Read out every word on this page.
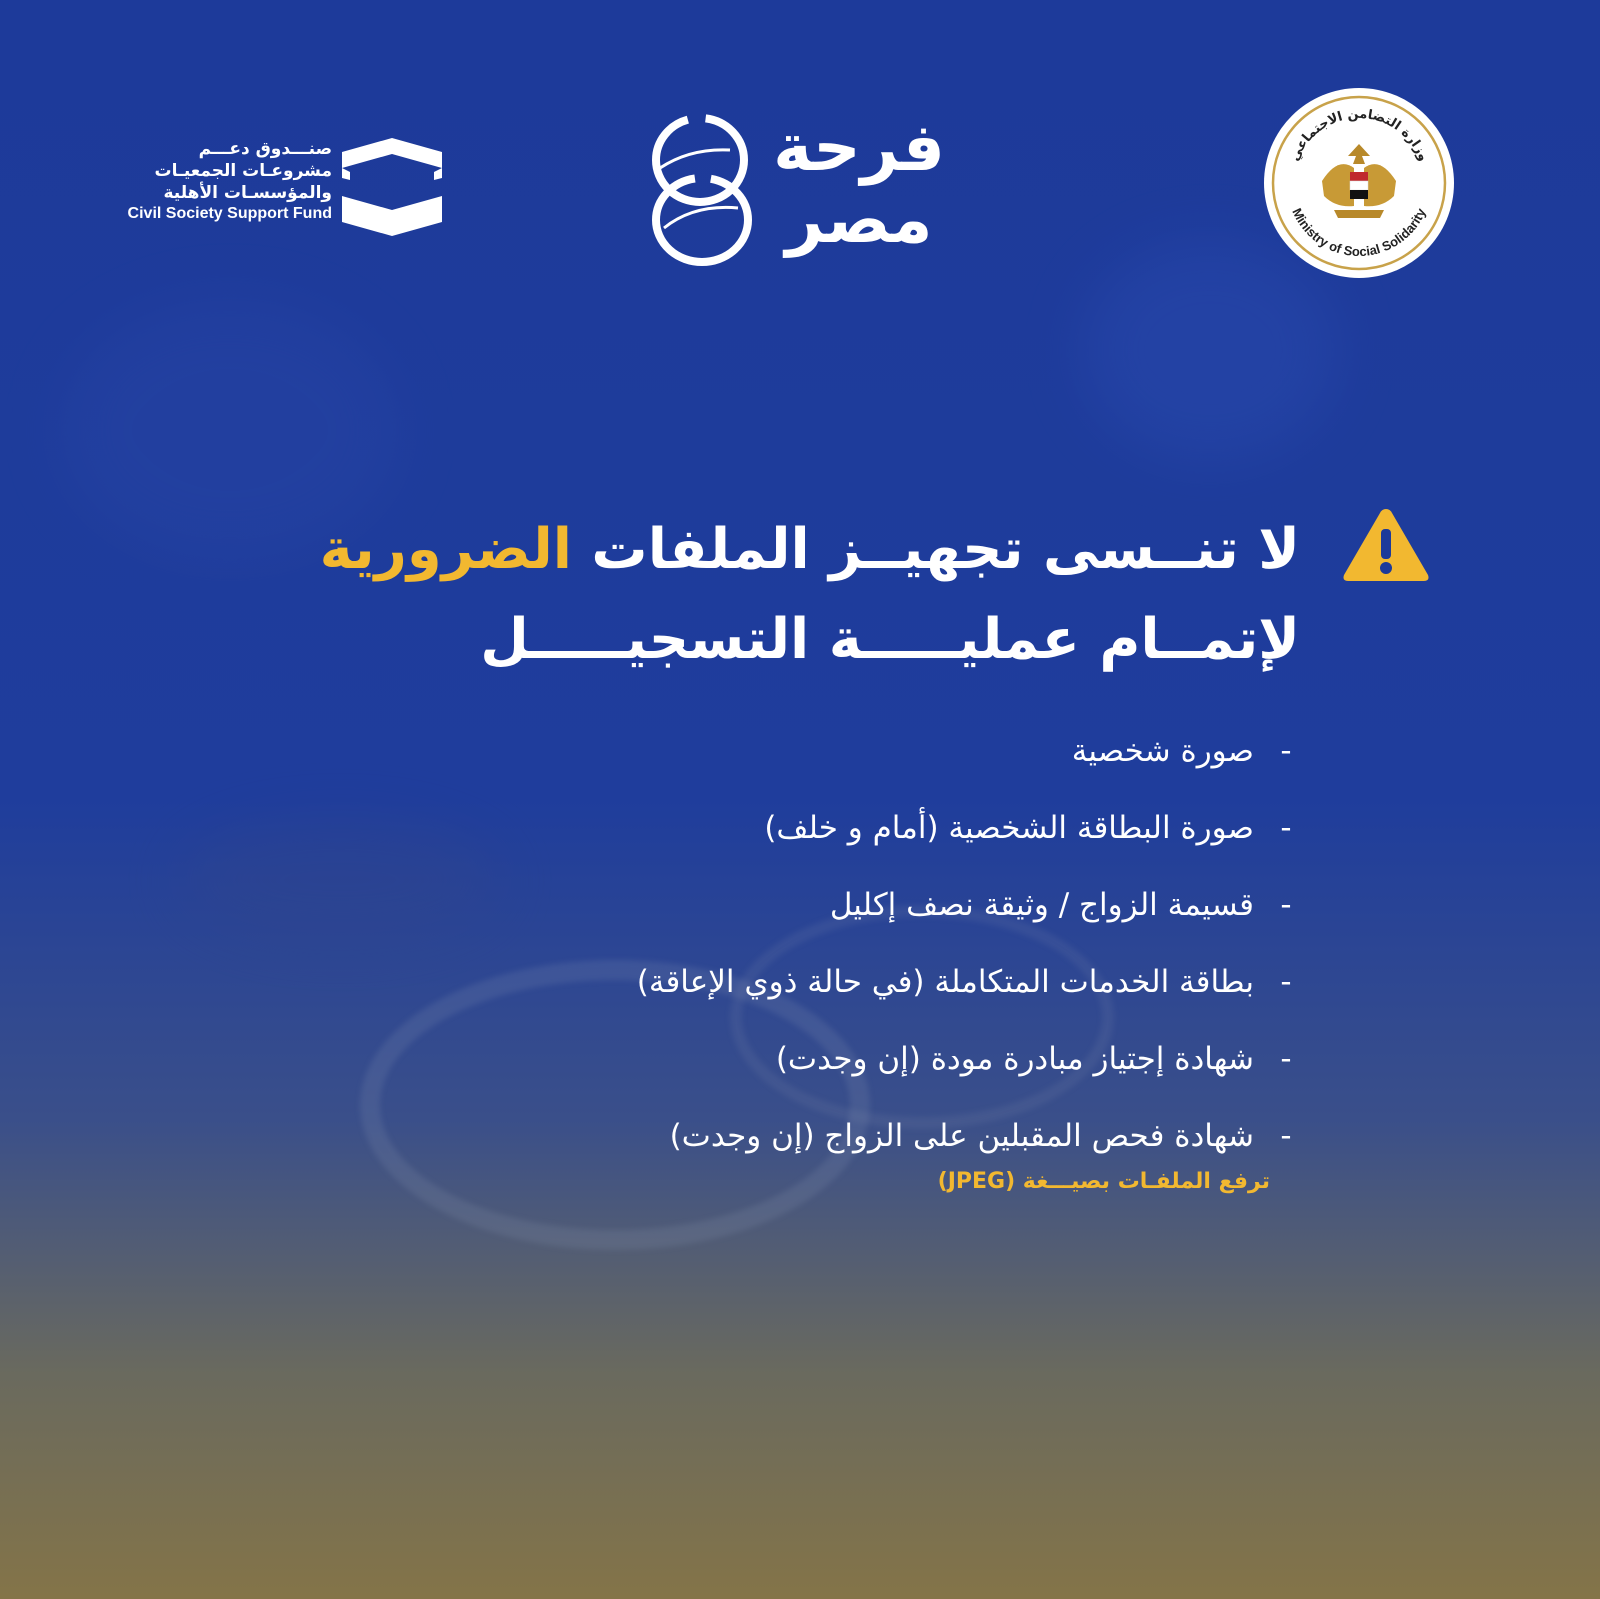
صنـــدوق دعـــم
مشروعـات الجمعيـات
والمؤسسـات الأهلية
Civil Society Support Fund
فرحة
مصر
وزارة التضامن الاجتماعي
Ministry of Social Solidarity
لا تنــسى تجهيــز الملفات الضرورية
لإتمــام عمليـــــة التسجيـــــل
-
صورة شخصية
-
صورة البطاقة الشخصية (أمام و خلف)
-
قسيمة الزواج / وثيقة نصف إكليل
-
بطاقة الخدمات المتكاملة (في حالة ذوي الإعاقة)
-
شهادة إجتياز مبادرة مودة (إن وجدت)
-
شهادة فحص المقبلين على الزواج (إن وجدت)
ترفع الملفـات بصيـــغة (JPEG)
